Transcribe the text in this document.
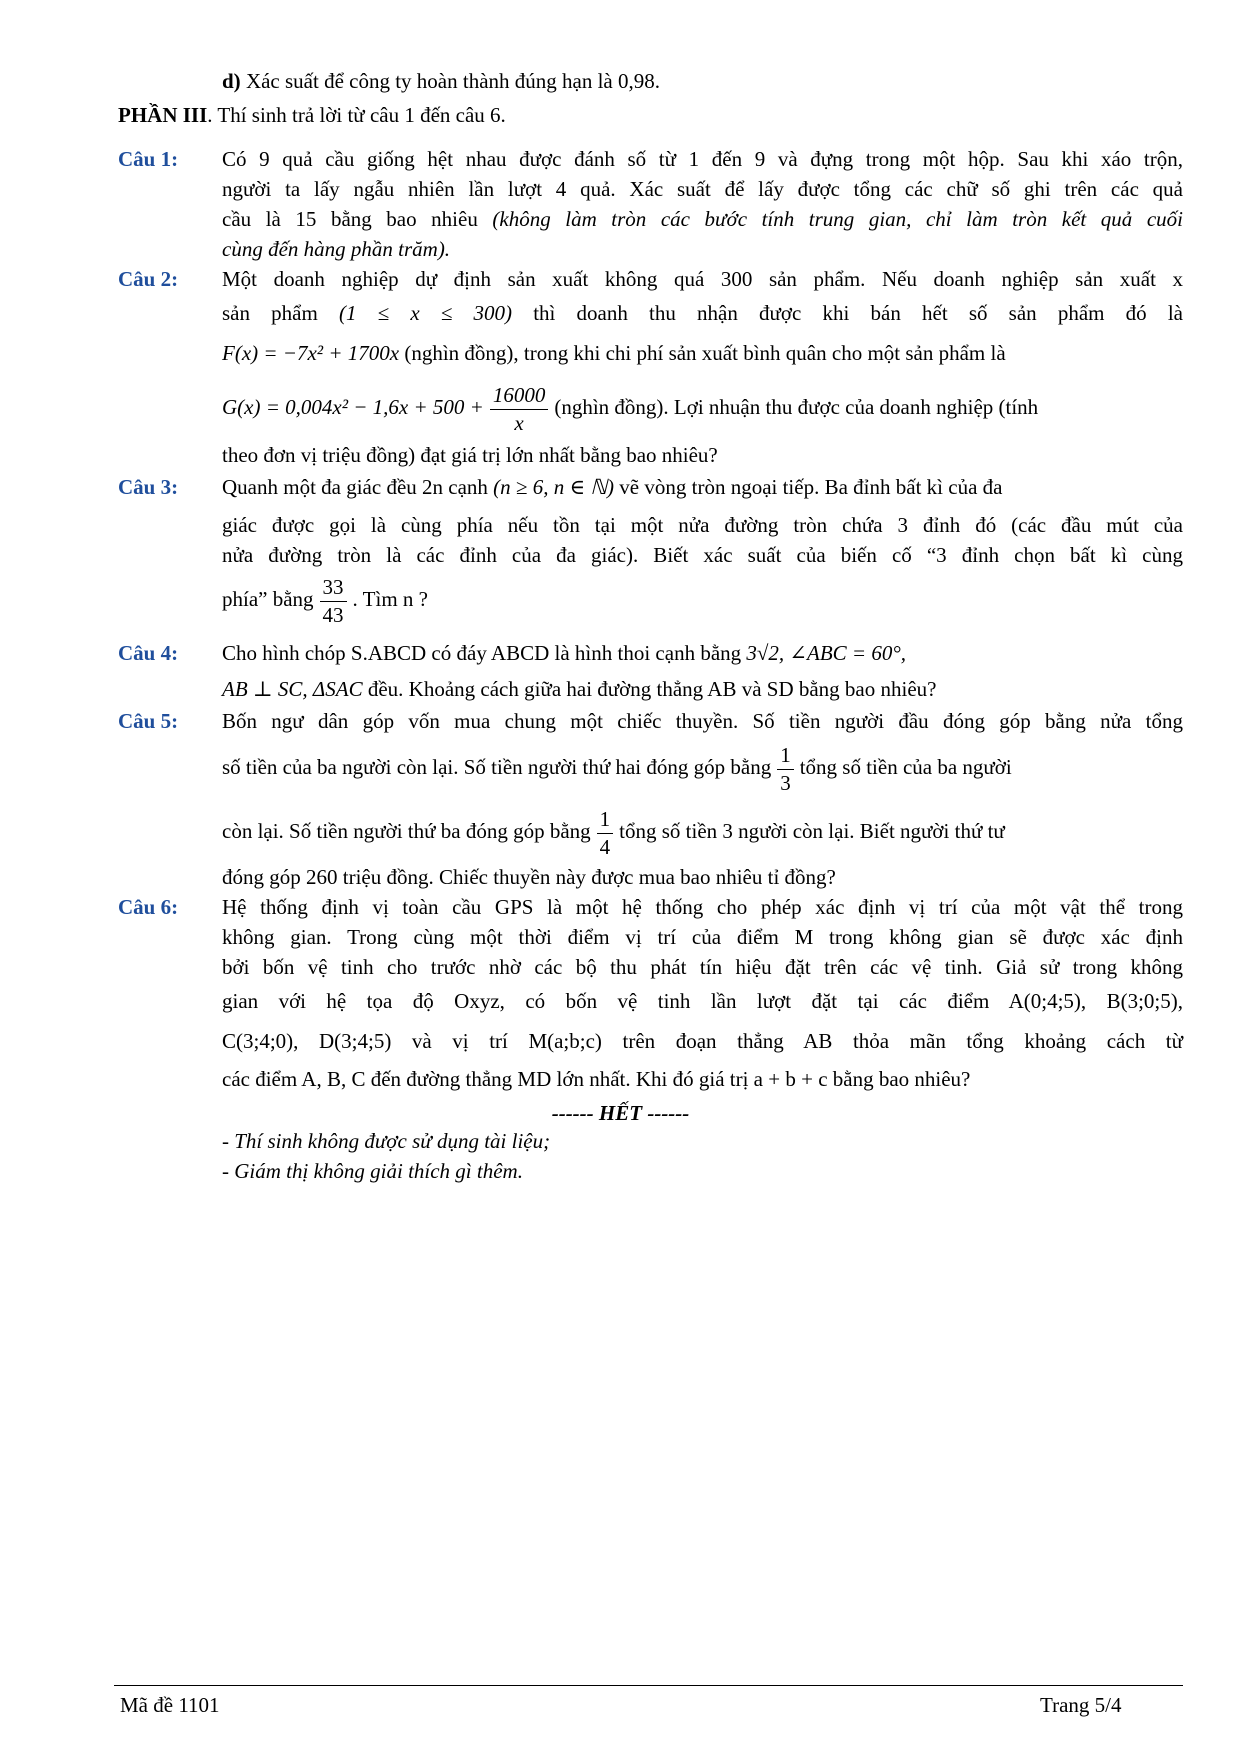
d) Xác suất để công ty hoàn thành đúng hạn là 0,98.
PHẦN III. Thí sinh trả lời từ câu 1 đến câu 6.
Câu 1: Có 9 quả cầu giống hệt nhau được đánh số từ 1 đến 9 và đựng trong một hộp. Sau khi xáo trộn,
người ta lấy ngẫu nhiên lần lượt 4 quả. Xác suất để lấy được tổng các chữ số ghi trên các quả
cầu là 15 bằng bao nhiêu (không làm tròn các bước tính trung gian, chỉ làm tròn kết quả cuối
cùng đến hàng phần trăm).
Câu 2: Một doanh nghiệp dự định sản xuất không quá 300 sản phẩm. Nếu doanh nghiệp sản xuất x
sản phẩm (1 ≤ x ≤ 300) thì doanh thu nhận được khi bán hết số sản phẩm đó là
F(x) = −7x² + 1700x (nghìn đồng), trong khi chi phí sản xuất bình quân cho một sản phẩm là
$G(x) = 0,004x^2 - 1,6x + 500 + \frac{16000}{x}$ (nghìn đồng). Lợi nhuận thu được của doanh nghiệp (tính
theo đơn vị triệu đồng) đạt giá trị lớn nhất bằng bao nhiêu?
Câu 3: Quanh một đa giác đều 2n cạnh (n ≥ 6, n ∈ ℕ) vẽ vòng tròn ngoại tiếp. Ba đỉnh bất kì của đa
giác được gọi là cùng phía nếu tồn tại một nửa đường tròn chứa 3 đỉnh đó (các đầu mút của
nửa đường tròn là các đỉnh của đa giác). Biết xác suất của biến cố “3 đỉnh chọn bất kì cùng
phía” bằng $\frac{33}{43}$ . Tìm n ?
Câu 4: Cho hình chóp S.ABCD có đáy ABCD là hình thoi cạnh bằng 3√2, ∠ABC = 60°,
AB ⊥ SC, ΔSAC đều. Khoảng cách giữa hai đường thẳng AB và SD bằng bao nhiêu?
Câu 5: Bốn ngư dân góp vốn mua chung một chiếc thuyền. Số tiền người đầu đóng góp bằng nửa tổng
số tiền của ba người còn lại. Số tiền người thứ hai đóng góp bằng $\frac{1}{3}$ tổng số tiền của ba người
còn lại. Số tiền người thứ ba đóng góp bằng $\frac{1}{4}$ tổng số tiền 3 người còn lại. Biết người thứ tư
đóng góp 260 triệu đồng. Chiếc thuyền này được mua bao nhiêu tỉ đồng?
Câu 6: Hệ thống định vị toàn cầu GPS là một hệ thống cho phép xác định vị trí của một vật thể trong
không gian. Trong cùng một thời điểm vị trí của điểm M trong không gian sẽ được xác định
bởi bốn vệ tinh cho trước nhờ các bộ thu phát tín hiệu đặt trên các vệ tinh. Giả sử trong không
gian với hệ tọa độ Oxyz, có bốn vệ tinh lần lượt đặt tại các điểm A(0;4;5), B(3;0;5),
C(3;4;0), D(3;4;5) và vị trí M(a;b;c) trên đoạn thẳng AB thỏa mãn tổng khoảng cách từ
các điểm A, B, C đến đường thẳng MD lớn nhất. Khi đó giá trị a + b + c bằng bao nhiêu?
------ HẾT ------
- Thí sinh không được sử dụng tài liệu;
- Giám thị không giải thích gì thêm.
Mã đề 1101	Trang 5/4
